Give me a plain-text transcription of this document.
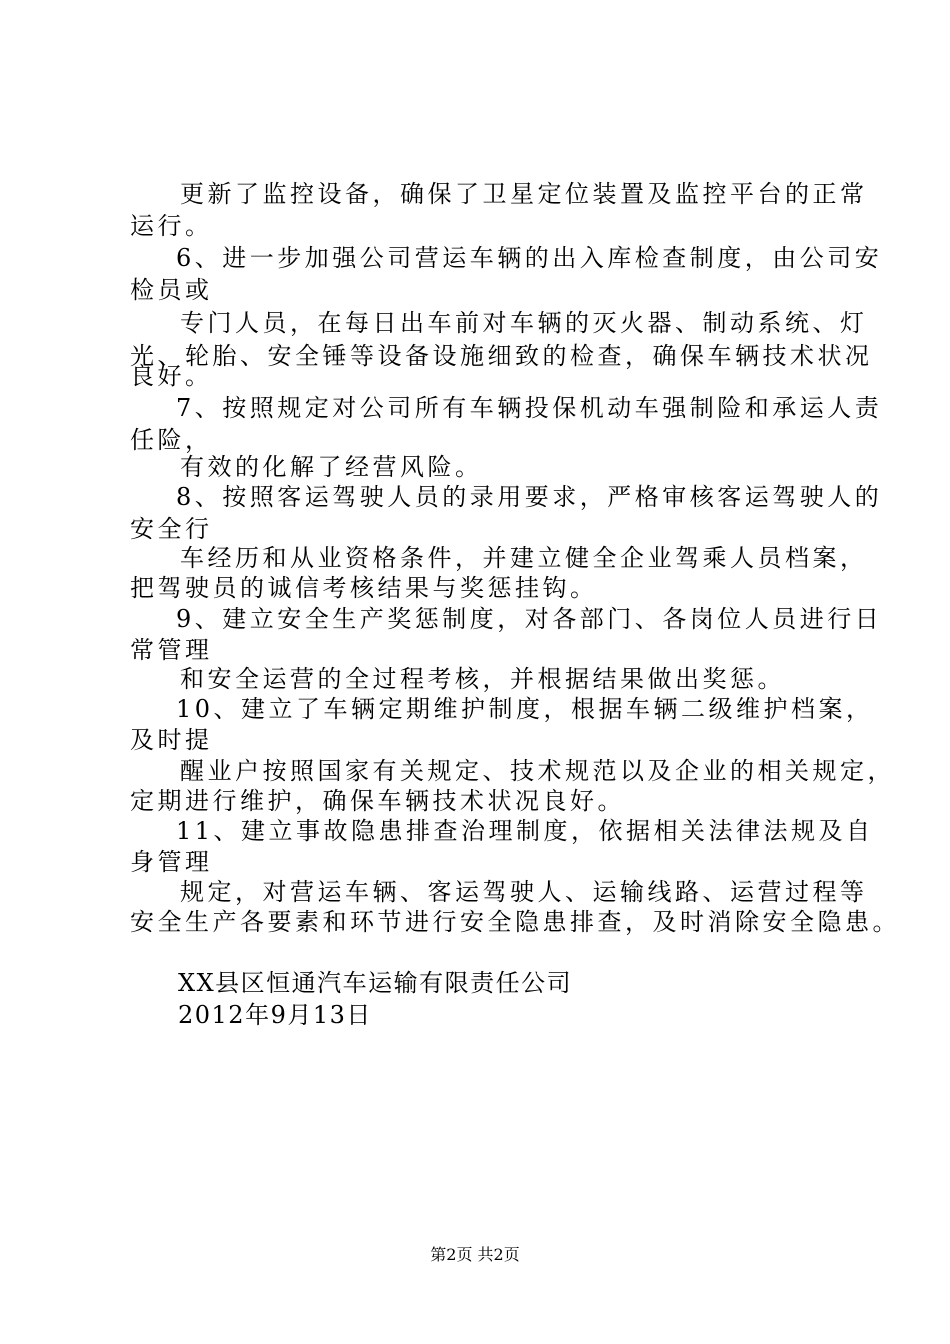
更新了监控设备，确保了卫星定位装置及监控平台的正常
运行。
6、进一步加强公司营运车辆的出入库检查制度，由公司安
检员或
专门人员，在每日出车前对车辆的灭火器、制动系统、灯
光、轮胎、安全锤等设备设施细致的检查，确保车辆技术状况
良好。
7、按照规定对公司所有车辆投保机动车强制险和承运人责
任险，
有效的化解了经营风险。
8、按照客运驾驶人员的录用要求，严格审核客运驾驶人的
安全行
车经历和从业资格条件，并建立健全企业驾乘人员档案，
把驾驶员的诚信考核结果与奖惩挂钩。
9、建立安全生产奖惩制度，对各部门、各岗位人员进行日
常管理
和安全运营的全过程考核，并根据结果做出奖惩。
10、建立了车辆定期维护制度，根据车辆二级维护档案，
及时提
醒业户按照国家有关规定、技术规范以及企业的相关规定，
定期进行维护，确保车辆技术状况良好。
11、建立事故隐患排查治理制度，依据相关法律法规及自
身管理
规定，对营运车辆、客运驾驶人、运输线路、运营过程等
安全生产各要素和环节进行安全隐患排查，及时消除安全隐患。
XX县区恒通汽车运输有限责任公司
2012年9月13日
第2页 共2页
